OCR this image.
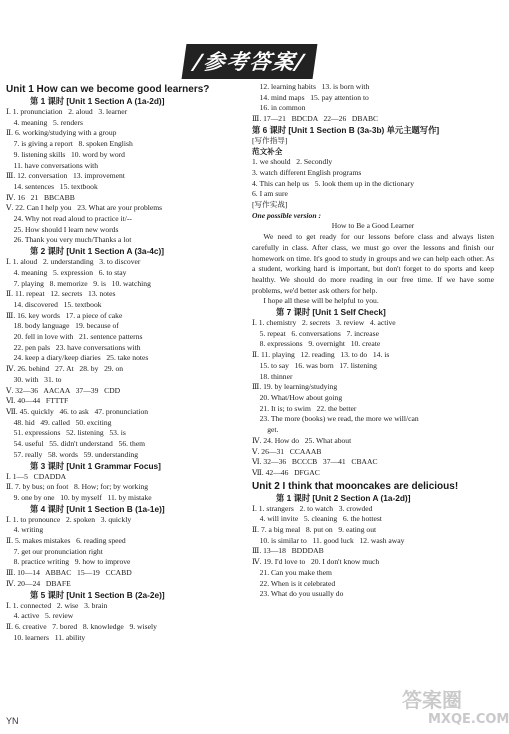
/参考答案/
Unit 1 How can we become good learners?
第 1 课时 [Unit 1 Section A (1a-2d)]
Ⅰ. 1. pronunciation   2. aloud   3. learner
4. meaning   5. renders
Ⅱ. 6. working/studying with a group
7. is giving a report   8. spoken English
9. listening skills   10. word by word
11. have conversations with
Ⅲ. 12. conversation   13. improvement
14. sentences   15. textbook
Ⅳ. 16   21   BBCABB
Ⅴ. 22. Can I help you   23. What are your problems
24. Why not read aloud to practice it/--
25. How should I learn new words
26. Thank you very much/Thanks a lot
第 2 课时 [Unit 1 Section A (3a-4c)]
Ⅰ. 1. aloud   2. understanding   3. to discover
4. meaning   5. expression   6. to stay
7. playing   8. memorize   9. is   10. watching
Ⅱ. 11. repeat   12. secrets   13. notes
14. discovered   15. textbook
Ⅲ. 16. key words   17. a piece of cake
18. body language   19. because of
20. fell in love with   21. sentence patterns
22. pen pals   23. have conversations with
24. keep a diary/keep diaries   25. take notes
Ⅳ. 26. behind   27. At   28. by   29. on
30. with   31. to
Ⅴ. 32—36   AACAA   37—39   CDD
Ⅵ. 40—44   FTTTF
Ⅶ. 45. quickly   46. to ask   47. pronunciation
48. hid   49. called   50. exciting
51. expressions   52. listening   53. is
54. useful   55. didn't understand   56. them
57. really   58. words   59. understanding
第 3 课时 [Unit 1 Grammar Focus]
Ⅰ. 1—5   CDADDA
Ⅱ. 7. by bus; on foot   8. How; for; by working
9. one by one   10. by myself   11. by mistake
第 4 课时 [Unit 1 Section B (1a-1e)]
Ⅰ. 1. to pronounce   2. spoken   3. quickly
4. writing
Ⅱ. 5. makes mistakes   6. reading speed
7. get our pronunciation right
8. practice writing   9. how to improve
Ⅲ. 10—14   ABBAC   15—19   CCABD
Ⅳ. 20—24   DBAFE
第 5 课时 [Unit 1 Section B (2a-2e)]
Ⅰ. 1. connected   2. wise   3. brain
4. active   5. review
Ⅱ. 6. creative   7. bored   8. knowledge   9. wisely
10. learners   11. ability
12. learning habits   13. is born with
14. mind maps   15. pay attention to
16. in common
Ⅲ. 17—21   BDCDA   22—26   DBABC
第 6 课时 [Unit 1 Section B (3a-3b) 单元主题写作]
[写作指导]
范文补全
1. we should   2. Secondly
3. watch different English programs
4. This can help us   5. look them up in the dictionary
6. I am sure
[写作实战]
One possible version :
How to Be a Good Learner
We need to get ready for our lessons before class and always listen carefully in class. After class, we must go over the lessons and finish our homework on time. It's good to study in groups and we can help each other. As a student, working hard is important, but don't forget to do sports and keep healthy. We should do more reading in our free time. If we have some problems, we'd better ask others for help.
I hope all these will be helpful to you.
第 7 课时 [Unit 1 Self Check]
Ⅰ. 1. chemistry   2. secrets   3. review   4. active
5. repeat   6. conversations   7. increase
8. expressions   9. overnight   10. create
Ⅱ. 11. playing   12. reading   13. to do   14. is
15. to say   16. was born   17. listening
18. thinner
Ⅲ. 19. by learning/studying
20. What/How about going
21. It is; to swim   22. the better
23. The more (books) we read, the more we will/can
get.
Ⅳ. 24. How do   25. What about
Ⅴ. 26—31   CCAAAB
Ⅵ. 32—36   BCCCB   37—41   CBAAC
Ⅶ. 42—46   DFGAC
Unit 2 I think that mooncakes are delicious!
第 1 课时 [Unit 2 Section A (1a-2d)]
Ⅰ. 1. strangers   2. to watch   3. crowded
4. will invite   5. cleaning   6. the hottest
Ⅱ. 7. a big meal   8. put on   9. eating out
10. is similar to   11. good luck   12. wash away
Ⅲ. 13—18   BDDDAB
Ⅳ. 19. I'd love to   20. I don't know much
21. Can you make them
22. When is it celebrated
23. What do you usually do
YN
答案圈
MXQE.COM
